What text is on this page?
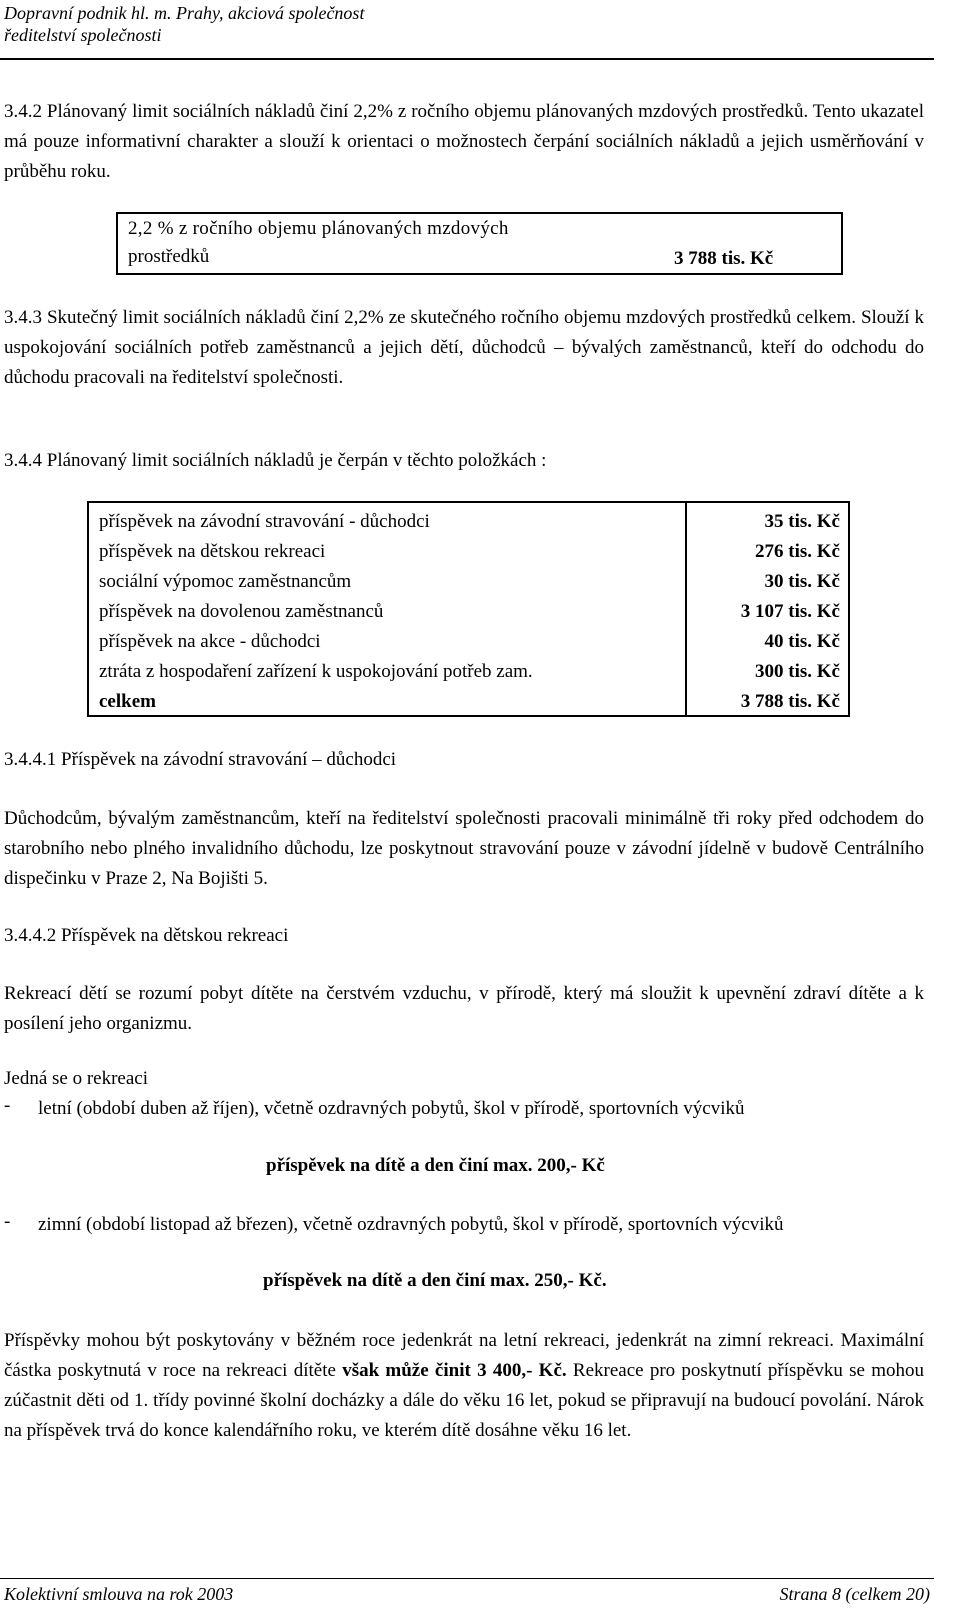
Dopravní podnik hl. m. Prahy, akciová společnost
ředitelství společnosti
3.4.2 Plánovaný limit sociálních nákladů činí 2,2% z ročního objemu plánovaných mzdových prostředků. Tento ukazatel má pouze informativní charakter a slouží k orientaci o možnostech čerpání sociálních nákladů a jejich usměrňování v průběhu roku.
2,2 % z ročního objemu plánovaných mzdových
prostředků	3 788 tis. Kč
3.4.3 Skutečný limit sociálních nákladů činí 2,2% ze skutečného ročního objemu mzdových prostředků celkem. Slouží k uspokojování sociálních potřeb zaměstnanců a jejich dětí, důchodců – bývalých zaměstnanců, kteří do odchodu do důchodu pracovali na ředitelství společnosti.
3.4.4 Plánovaný limit sociálních nákladů je čerpán v těchto položkách :
příspěvek na závodní stravování - důchodci
příspěvek na dětskou rekreaci
sociální výpomoc zaměstnancům
příspěvek na dovolenou zaměstnanců
příspěvek na akce - důchodci
ztráta z hospodaření zařízení k uspokojování potřeb zam.
celkem
35 tis. Kč
276 tis. Kč
30 tis. Kč
3 107 tis. Kč
40 tis. Kč
300 tis. Kč
3 788 tis. Kč
3.4.4.1 Příspěvek na závodní stravování – důchodci
Důchodcům, bývalým zaměstnancům, kteří na ředitelství společnosti pracovali minimálně tři roky před odchodem do starobního nebo plného invalidního důchodu, lze poskytnout stravování pouze v závodní jídelně v budově Centrálního dispečinku v Praze 2, Na Bojišti 5.
3.4.4.2 Příspěvek na dětskou rekreaci
Rekreací dětí se rozumí pobyt dítěte na čerstvém vzduchu, v přírodě, který má sloužit k upevnění zdraví dítěte a k posílení jeho organizmu.
Jedná se o rekreaci
- letní (období duben až říjen), včetně ozdravných pobytů, škol v přírodě, sportovních výcviků
příspěvek na dítě a den činí max. 200,- Kč
- zimní (období listopad až březen), včetně ozdravných pobytů, škol v přírodě, sportovních výcviků
příspěvek na dítě a den činí max. 250,- Kč.
Příspěvky mohou být poskytovány v běžném roce jedenkrát na letní rekreaci, jedenkrát na zimní rekreaci. Maximální částka poskytnutá v roce na rekreaci dítěte však může činit 3 400,- Kč. Rekreace pro poskytnutí příspěvku se mohou zúčastnit děti od 1. třídy povinné školní docházky a dále do věku 16 let, pokud se připravují na budoucí povolání. Nárok na příspěvek trvá do konce kalendářního roku, ve kterém dítě dosáhne věku 16 let.
Kolektivní smlouva na rok 2003	Strana 8 (celkem 20)
